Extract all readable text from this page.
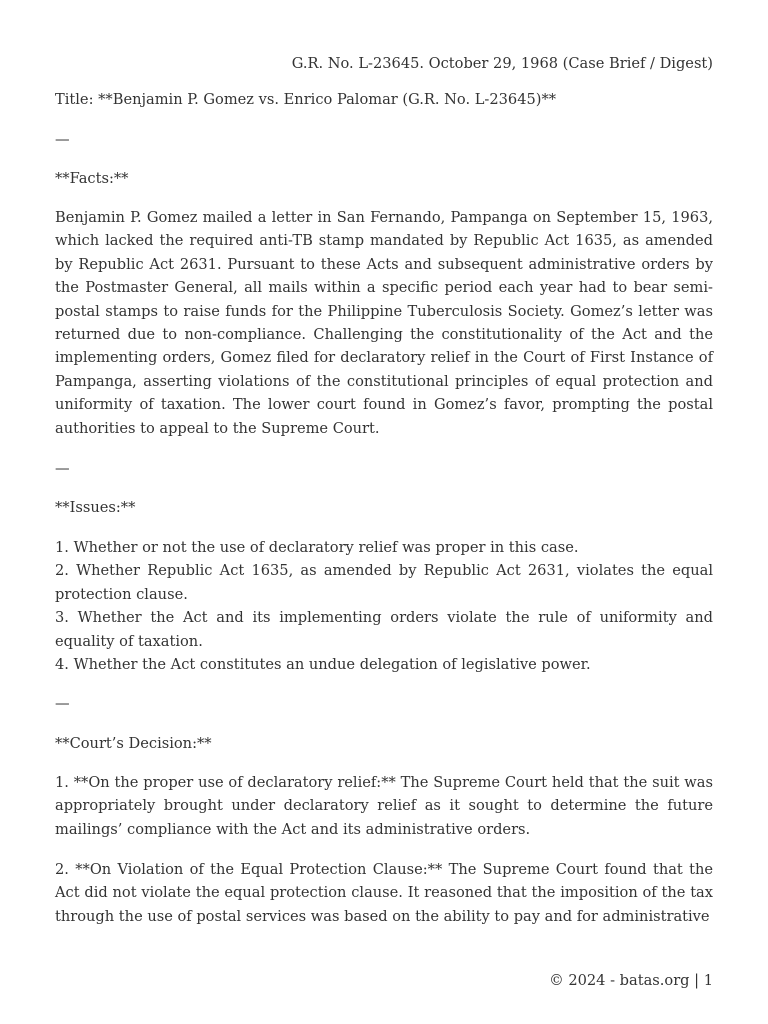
G.R. No. L-23645. October 29, 1968 (Case Brief / Digest)

Title: **Benjamin P. Gomez vs. Enrico Palomar (G.R. No. L-23645)**

—

**Facts:**

Benjamin P. Gomez mailed a letter in San Fernando, Pampanga on September 15, 1963, which lacked the required anti-TB stamp mandated by Republic Act 1635, as amended by Republic Act 2631. Pursuant to these Acts and subsequent administrative orders by the Postmaster General, all mails within a specific period each year had to bear semi-postal stamps to raise funds for the Philippine Tuberculosis Society. Gomez’s letter was returned due to non-compliance. Challenging the constitutionality of the Act and the implementing orders, Gomez filed for declaratory relief in the Court of First Instance of Pampanga, asserting violations of the constitutional principles of equal protection and uniformity of taxation. The lower court found in Gomez’s favor, prompting the postal authorities to appeal to the Supreme Court.

—

**Issues:**

1. Whether or not the use of declaratory relief was proper in this case.
2. Whether Republic Act 1635, as amended by Republic Act 2631, violates the equal protection clause.
3. Whether the Act and its implementing orders violate the rule of uniformity and equality of taxation.
4. Whether the Act constitutes an undue delegation of legislative power.

—

**Court’s Decision:**

1. **On the proper use of declaratory relief:** The Supreme Court held that the suit was appropriately brought under declaratory relief as it sought to determine the future mailings’ compliance with the Act and its administrative orders.

2. **On Violation of the Equal Protection Clause:** The Supreme Court found that the Act did not violate the equal protection clause. It reasoned that the imposition of the tax through the use of postal services was based on the ability to pay and for administrative

© 2024 - batas.org | 1
